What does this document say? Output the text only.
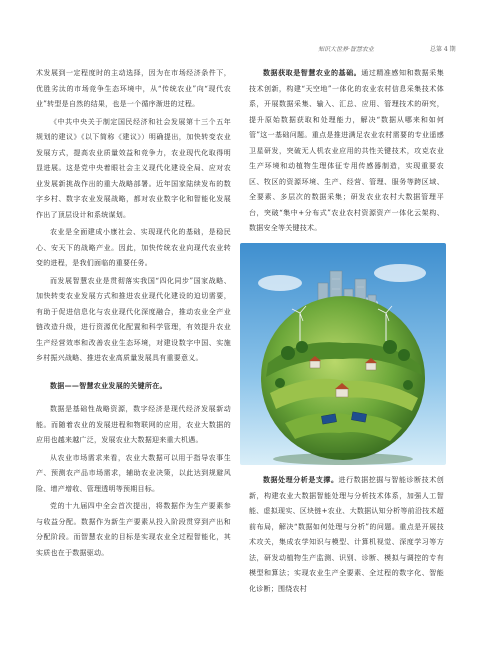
知识大世界·智慧农业	总第 4 期

术发展到一定程度时的主动选择，因为在市场经济条件下，优胜劣汰的市场竞争生态环境中，从“传统农业”向“现代农业”转型是自然的结果，也是一个循序渐进的过程。

《中共中央关于制定国民经济和社会发展第十三个五年规划的建议》《以下简称《建议》）明确提出，加快转变农业发展方式，提高农业质量效益和竞争力，农业现代化取得明显进展。这是党中央着眼社会主义现代化建设全局、应对农业发展新挑战作出的重大战略部署。近年国家陆续发布的数字乡村、数字农业发展战略，都对农业数字化和智能化发展作出了顶层设计和系统谋划。

农业是全面建成小康社会、实现现代化的基础，是稳民心、安天下的战略产业。因此，加快传统农业向现代农业转变的进程，是我们面临的重要任务。

而发展智慧农业是贯彻落实我国“四化同步”国家战略、加快转变农业发展方式和推进农业现代化建设的迫切需要，有助于促进信息化与农业现代化深度融合，推动农业全产业链改造升级，进行资源优化配置和科学管理，有效提升农业生产经营效率和改善农业生态环境，对建设数字中国、实施乡村振兴战略、推进农业高质量发展具有重要意义。

数据——智慧农业发展的关键所在。

数据是基础性战略资源，数字经济是现代经济发展新动能。而随着农业的发展进程和物联网的应用，农业大数据的应用也越来越广泛，发展农业大数据迎来重大机遇。

从农业市场需求来看，农业大数据可以用于指导农事生产、预测农产品市场需求，辅助农业决策，以此达到规避风险、增产增收、管理透明等预期目标。

党的十九届四中全会首次提出，将数据作为生产要素参与收益分配。数据作为新生产要素从投入阶段贯穿到产出和分配阶段。而智慧农业的目标是实现农业全过程智能化，其实质也在于数据驱动。

数据获取是智慧农业的基础。通过精准感知和数据采集技术创新，构建“天空地”一体化的农业农村信息采集技术体系，开展数据采集、输入、汇总、应用、管理技术的研究，提升原始数据获取和处理能力，解决“数据从哪来和如何管”这一基础问题。重点是推进满足农业农村需要的专业遥感卫星研发，突破无人机农业应用的共性关键技术，攻克农业生产环境和动植物生理体征专用传感器制造，实现重要农区、牧区的资源环境、生产、经营、管理、服务等跨区域、全要素、多层次的数据采集；研发农业农村大数据管理平台，突破“集中+分布式”农业农村资源资产一体化云架构、数据安全等关键技术。

数据处理分析是支撑。进行数据挖掘与智能诊断技术创新，构建农业大数据智能处理与分析技术体系，加强人工智能、虚拟现实、区块链+农业、大数据认知分析等前沿技术超前布局，解决“数据如何处理与分析”的问题。重点是开展技术攻关，集成农学知识与模型、计算机视觉、深度学习等方法，研发动植物生产监测、识别、诊断、模拟与调控的专有模型和算法；实现农业生产全要素、全过程的数字化、智能化诊断；围绕农村
